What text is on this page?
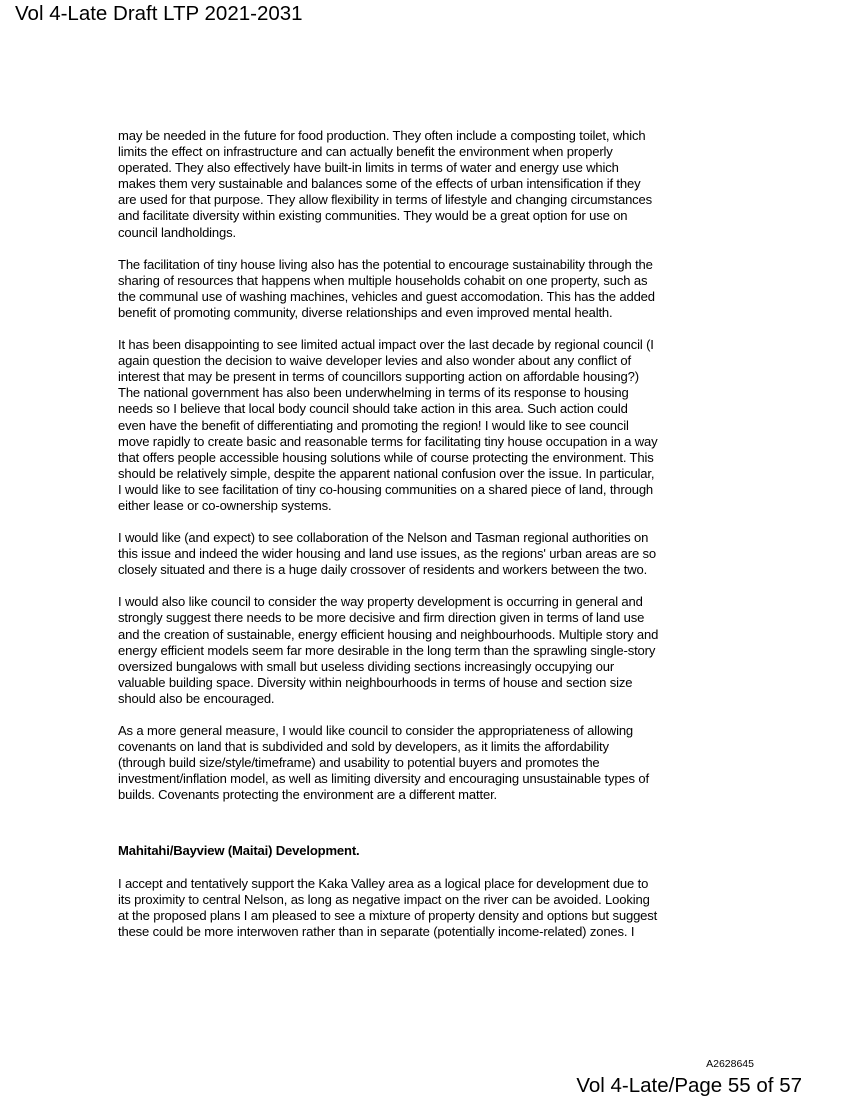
Vol 4-Late Draft LTP 2021-2031

may be needed in the future for food production. They often include a composting toilet, which
limits the effect on infrastructure and can actually benefit the environment when properly
operated. They also effectively have built-in limits in terms of water and energy use which
makes them very sustainable and balances some of the effects of urban intensification if they
are used for that purpose. They allow flexibility in terms of lifestyle and changing circumstances
and facilitate diversity within existing communities. They would be a great option for use on
council landholdings.

The facilitation of tiny house living also has the potential to encourage sustainability through the
sharing of resources that happens when multiple households cohabit on one property, such as
the communal use of washing machines, vehicles and guest accomodation. This has the added
benefit of promoting community, diverse relationships and even improved mental health.

It has been disappointing to see limited actual impact over the last decade by regional council (I
again question the decision to waive developer levies and also wonder about any conflict of
interest that may be present in terms of councillors supporting action on affordable housing?)
The national government has also been underwhelming in terms of its response to housing
needs so I believe that local body council should take action in this area. Such action could
even have the benefit of differentiating and promoting the region! I would like to see council
move rapidly to create basic and reasonable terms for facilitating tiny house occupation in a way
that offers people accessible housing solutions while of course protecting the environment. This
should be relatively simple, despite the apparent national confusion over the issue. In particular,
I would like to see facilitation of tiny co-housing communities on a shared piece of land, through
either lease or co-ownership systems.

I would like (and expect) to see collaboration of the Nelson and Tasman regional authorities on
this issue and indeed the wider housing and land use issues, as the regions' urban areas are so
closely situated and there is a huge daily crossover of residents and workers between the two.

I would also like council to consider the way property development is occurring in general and
strongly suggest there needs to be more decisive and firm direction given in terms of land use
and the creation of sustainable, energy efficient housing and neighbourhoods. Multiple story and
energy efficient models seem far more desirable in the long term than the sprawling single-story
oversized bungalows with small but useless dividing sections increasingly occupying our
valuable building space. Diversity within neighbourhoods in terms of house and section size
should also be encouraged.

As a more general measure, I would like council to consider the appropriateness of allowing
covenants on land that is subdivided and sold by developers, as it limits the affordability
(through build size/style/timeframe) and usability to potential buyers and promotes the
investment/inflation model, as well as limiting diversity and encouraging unsustainable types of
builds. Covenants protecting the environment are a different matter.

Mahitahi/Bayview (Maitai) Development.

I accept and tentatively support the Kaka Valley area as a logical place for development due to
its proximity to central Nelson, as long as negative impact on the river can be avoided. Looking
at the proposed plans I am pleased to see a mixture of property density and options but suggest
these could be more interwoven rather than in separate (potentially income-related) zones. I

A2628645
Vol 4-Late/Page 55 of 57
